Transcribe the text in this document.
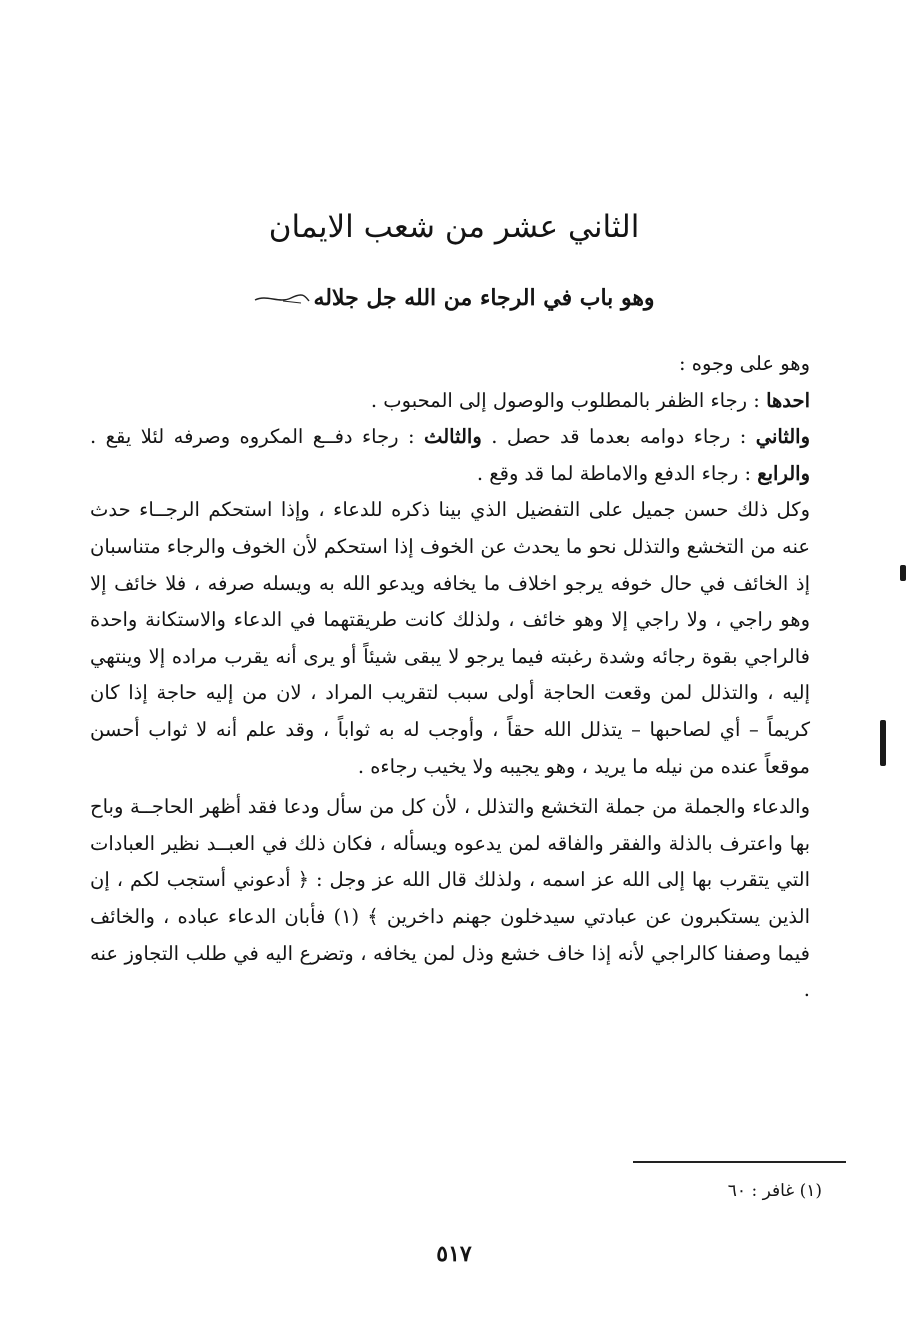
الثاني عشر من شعب الايمان
وهو باب في الرجاء من الله جل جلاله

وهو على وجوه :

احدها : رجاء الظفر بالمطلوب والوصول إلى المحبوب .

والثاني : رجاء دوامه بعدما قد حصل . والثالث : رجاء دفــع المكروه وصرفه لئلا يقع . والرابع : رجاء الدفع والاماطة لما قد وقع .

وكل ذلك حسن جميل على التفضيل الذي بينا ذكره للدعاء ، وإذا استحكم الرجــاء حدث عنه من التخشع والتذلل نحو ما يحدث عن الخوف إذا استحكم لأن الخوف والرجاء متناسبان إذ الخائف في حال خوفه يرجو اخلاف ما يخافه ويدعو الله به ويسله صرفه ، فلا خائف إلا وهو راجي ، ولا راجي إلا وهو خائف ، ولذلك كانت طريقتهما في الدعاء والاستكانة واحدة فالراجي بقوة رجائه وشدة رغبته فيما يرجو لا يبقى شيئاً أو يرى أنه يقرب مراده إلا وينتهي إليه ، والتذلل لمن وقعت الحاجة أولى سبب لتقريب المراد ، لان من إليه حاجة إذا كان كريماً – أي لصاحبها – يتذلل الله حقاً ، وأوجب له به ثواباً ، وقد علم أنه لا ثواب أحسن موقعاً عنده من نيله ما يريد ، وهو يجيبه ولا يخيب رجاءه .

والدعاء والجملة من جملة التخشع والتذلل ، لأن كل من سأل ودعا فقد أظهر الحاجــة وباح بها واعترف بالذلة والفقر والفاقه لمن يدعوه ويسأله ، فكان ذلك في العبــد نظير العبادات التي يتقرب بها إلى الله عز اسمه ، ولذلك قال الله عز وجل : ﴿ أدعوني أستجب لكم ، إن الذين يستكبرون عن عبادتي سيدخلون جهنم داخرين ﴾ (١) فأبان الدعاء عباده ، والخائف فيما وصفنا كالراجي لأنه إذا خاف خشع وذل لمن يخافه ، وتضرع اليه في طلب التجاوز عنه .

(١) غافر : ٦٠
٥١٧
